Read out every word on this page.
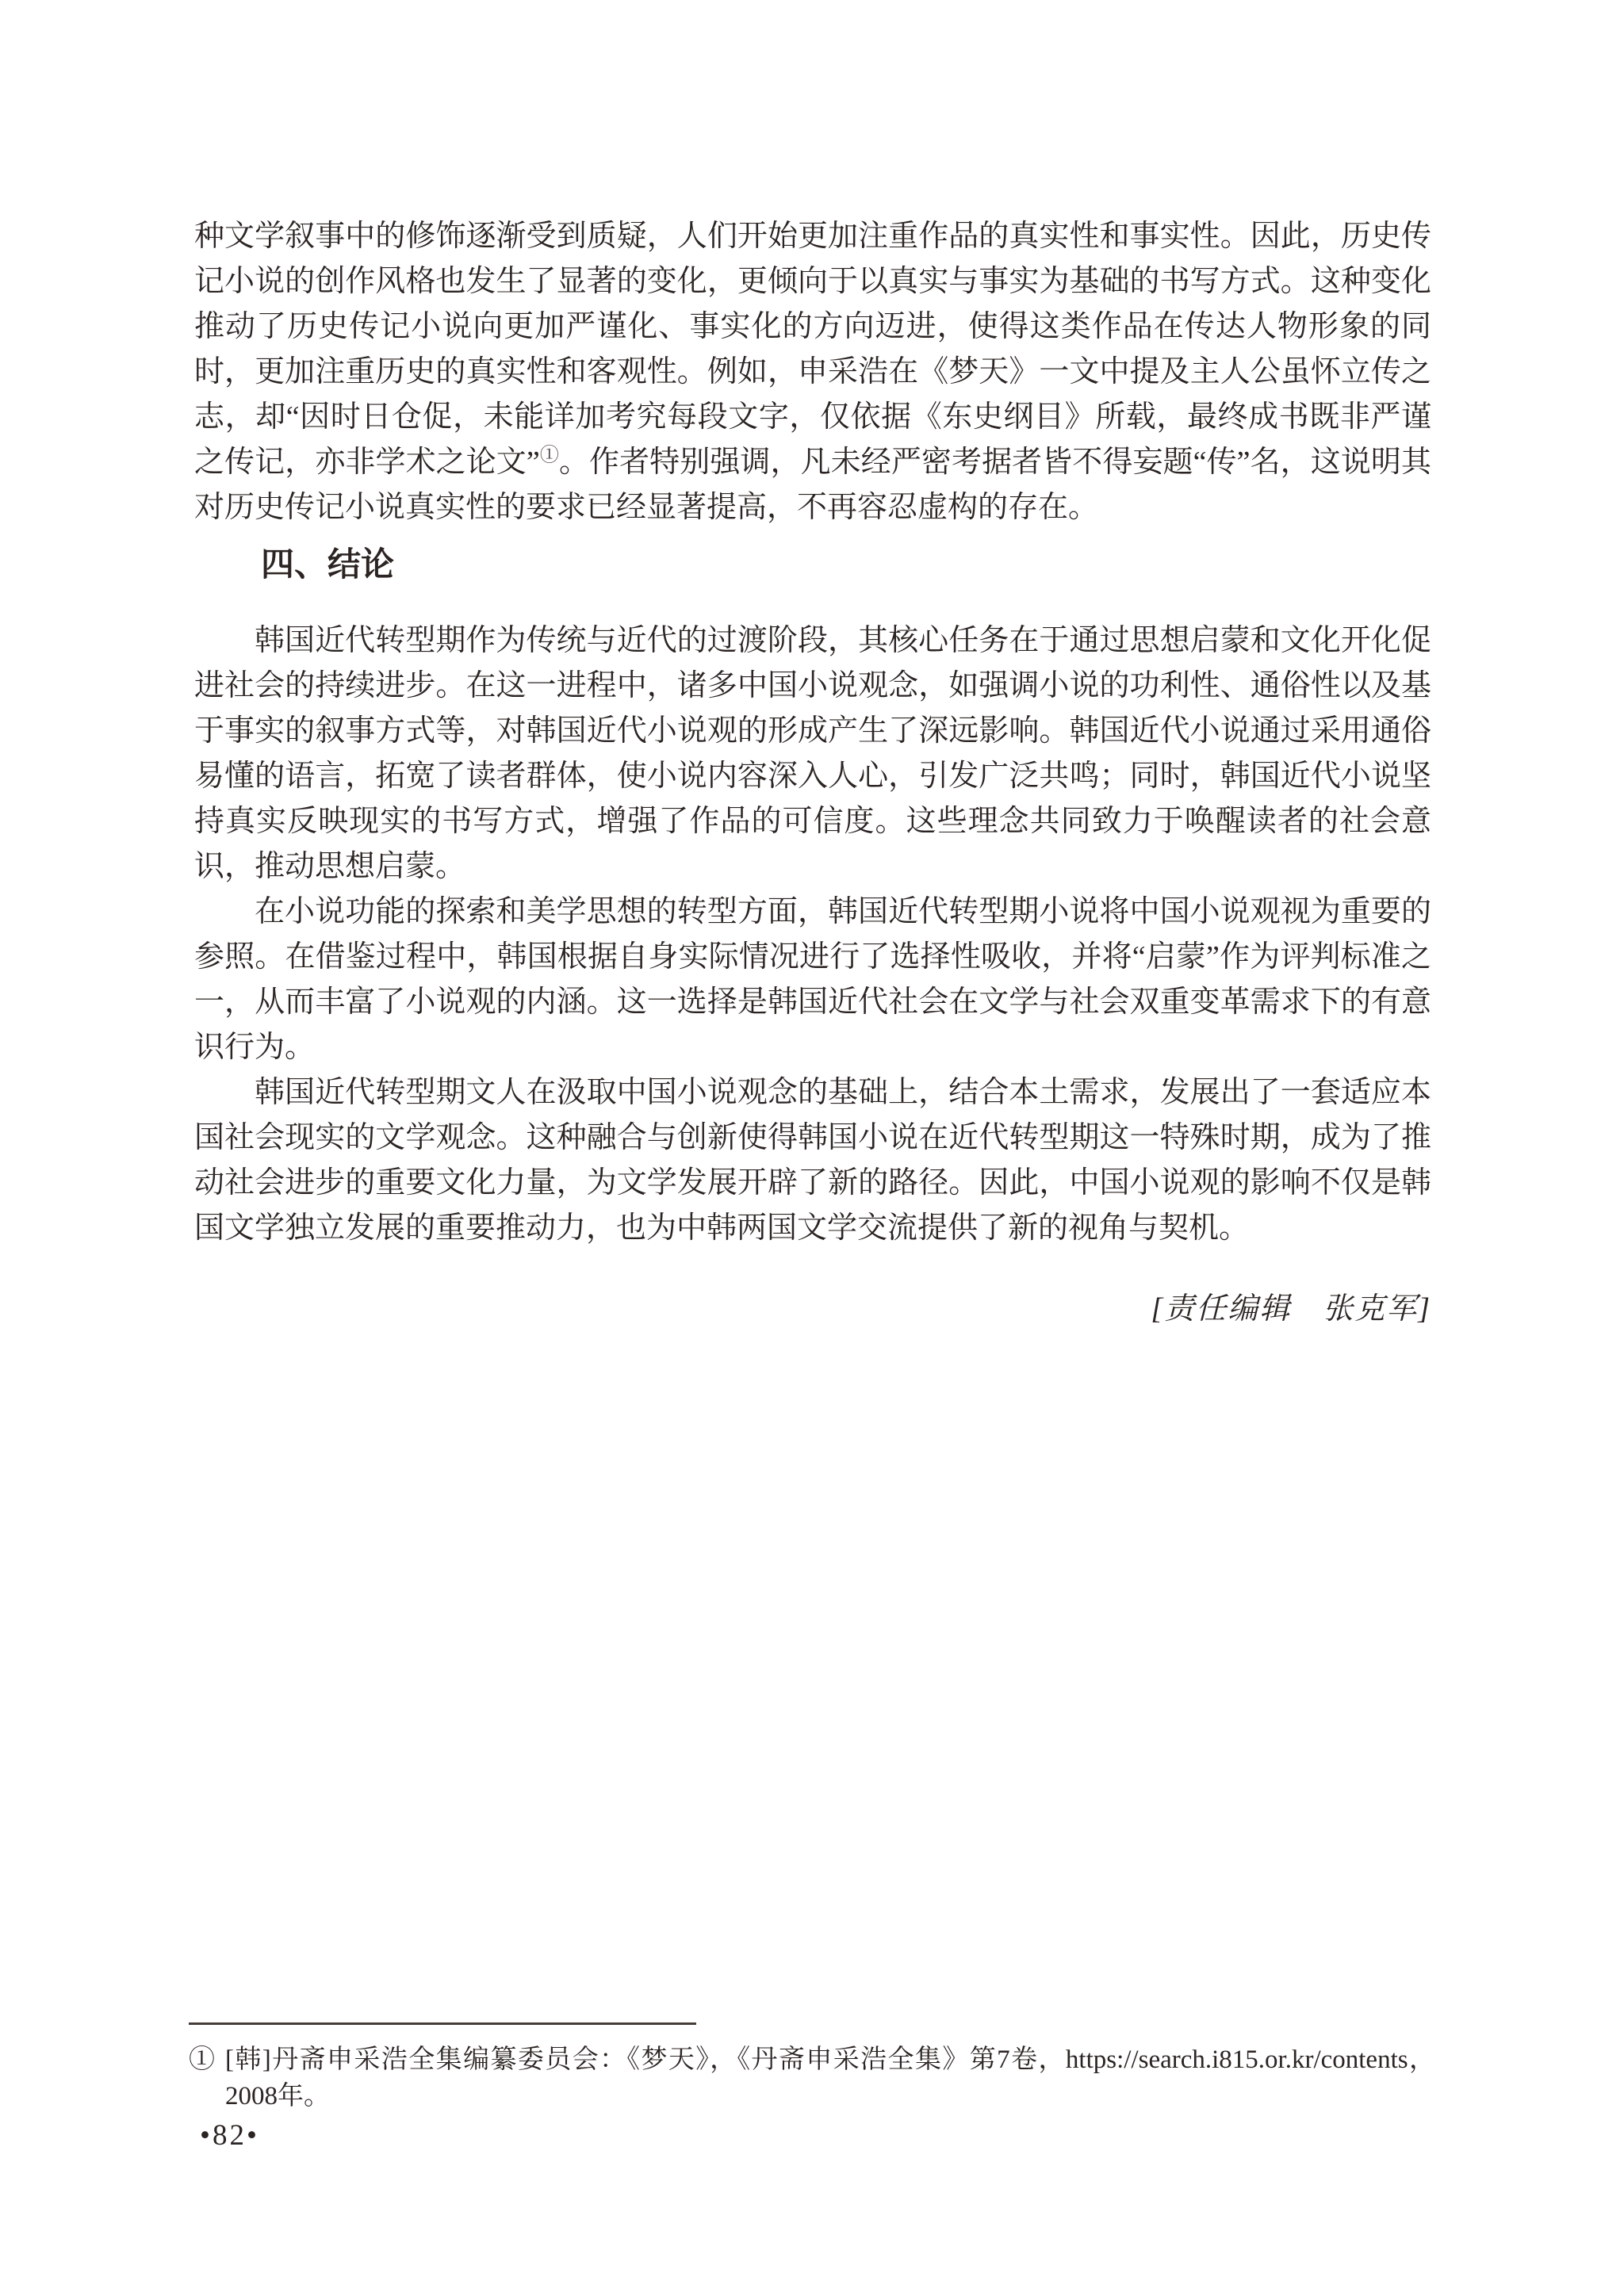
种文学叙事中的修饰逐渐受到质疑，人们开始更加注重作品的真实性和事实性。因此，历史传记小说的创作风格也发生了显著的变化，更倾向于以真实与事实为基础的书写方式。这种变化推动了历史传记小说向更加严谨化、事实化的方向迈进，使得这类作品在传达人物形象的同时，更加注重历史的真实性和客观性。例如，申采浩在《梦天》一文中提及主人公虽怀立传之志，却“因时日仓促，未能详加考究每段文字，仅依据《东史纲目》所载，最终成书既非严谨之传记，亦非学术之论文”①。作者特别强调，凡未经严密考据者皆不得妄题“传”名，这说明其对历史传记小说真实性的要求已经显著提高，不再容忍虚构的存在。

四、结论

韩国近代转型期作为传统与近代的过渡阶段，其核心任务在于通过思想启蒙和文化开化促进社会的持续进步。在这一进程中，诸多中国小说观念，如强调小说的功利性、通俗性以及基于事实的叙事方式等，对韩国近代小说观的形成产生了深远影响。韩国近代小说通过采用通俗易懂的语言，拓宽了读者群体，使小说内容深入人心，引发广泛共鸣；同时，韩国近代小说坚持真实反映现实的书写方式，增强了作品的可信度。这些理念共同致力于唤醒读者的社会意识，推动思想启蒙。

在小说功能的探索和美学思想的转型方面，韩国近代转型期小说将中国小说观视为重要的参照。在借鉴过程中，韩国根据自身实际情况进行了选择性吸收，并将“启蒙”作为评判标准之一，从而丰富了小说观的内涵。这一选择是韩国近代社会在文学与社会双重变革需求下的有意识行为。

韩国近代转型期文人在汲取中国小说观念的基础上，结合本土需求，发展出了一套适应本国社会现实的文学观念。这种融合与创新使得韩国小说在近代转型期这一特殊时期，成为了推动社会进步的重要文化力量，为文学发展开辟了新的路径。因此，中国小说观的影响不仅是韩国文学独立发展的重要推动力，也为中韩两国文学交流提供了新的视角与契机。

[责任编辑　张克军]

① [韩]丹斋申采浩全集编纂委员会：《梦天》，《丹斋申采浩全集》第7卷，https://search.i815.or.kr/contents，2008年。
•82•
